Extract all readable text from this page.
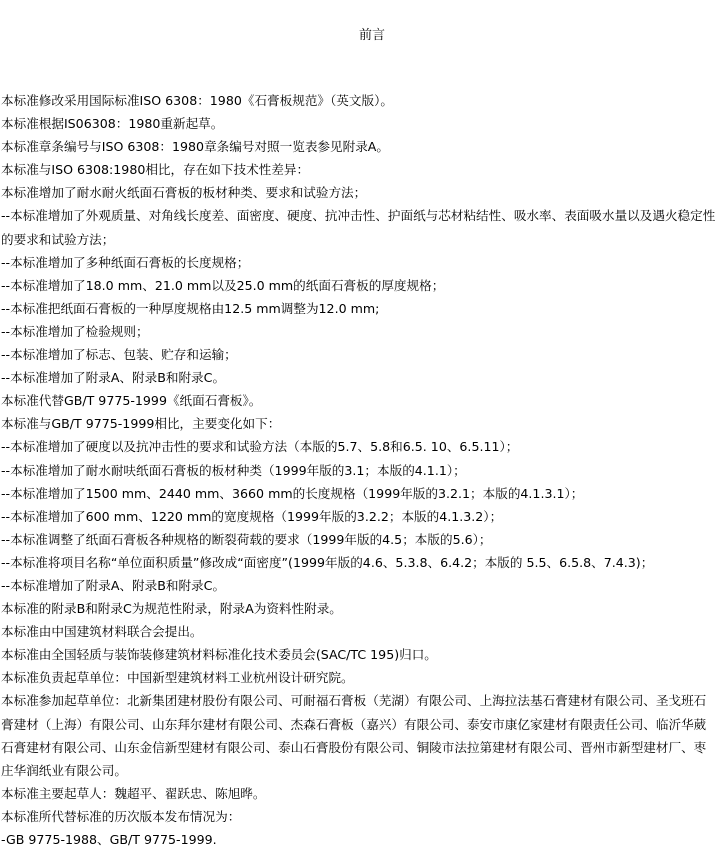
前言

本标准修改采用国际标准ISO 6308：1980《石膏板规范》（英文版）。

本标准根据IS06308：1980重新起草。

本标准章条编号与ISO 6308：1980章条编号对照一览表参见附录A。

本标准与ISO 6308:1980相比，存在如下技术性差异：

本标准增加了耐水耐火纸面石膏板的板材种类、要求和试验方法；

--本标准增加了外观质量、对角线长度差、面密度、硬度、抗冲击性、护面纸与芯材粘结性、吸水率、表面吸水量以及遇火稳定性的要求和试验方法；

--本标准增加了多种纸面石膏板的长度规格；

--本标准增加了18.0 mm、21.0 mm以及25.0 mm的纸面石膏板的厚度规格；

--本标准把纸面石膏板的一种厚度规格由12.5 mm调整为12.0 mm;

--本标准增加了检验规则；

--本标准增加了标志、包装、贮存和运输；

--本标准增加了附录A、附录B和附录C。

本标准代替GB/T 9775-1999《纸面石膏板》。

本标准与GB/T 9775-1999相比，主要变化如下：

--本标准增加了硬度以及抗冲击性的要求和试验方法（本版的5.7、5.8和6.5. 10、6.5.11）；

--本标准增加了耐水耐呋纸面石膏板的板材种类（1999年版的3.1；本版的4.1.1）；

--本标准增加了1500 mm、2440 mm、3660 mm的长度规格（1999年版的3.2.1；本版的4.1.3.1）；

--本标准增加了600 mm、1220 mm的宽度规格（1999年版的3.2.2；本版的4.1.3.2）；

--本标准调整了纸面石膏板各种规格的断裂荷载的要求（1999年版的4.5；本版的5.6）；

--本标准将项目名称“单位面积质量”修改成“面密度”(1999年版的4.6、5.3.8、6.4.2；本版的 5.5、6.5.8、7.4.3)；

--本标准增加了附录A、附录B和附录C。

本标准的附录B和附录C为规范性附录，附录A为资料性附录。

本标准由中国建筑材料联合会提出。

本标准由全国轻质与装饰装修建筑材料标准化技术委员会(SAC/TC 195)归口。

本标准负责起草单位：中国新型建筑材料工业杭州设计研究院。

本标准参加起草单位：北新集团建材股份有限公司、可耐福石膏板（芜湖）有限公司、上海拉法基石膏建材有限公司、圣戈班石膏建材（上海）有限公司、山东拜尔建材有限公司、杰森石膏板（嘉兴）有限公司、泰安市康亿家建材有限责任公司、临沂华葳石膏建材有限公司、山东金信新型建材有限公司、泰山石膏股份有限公司、铜陵市法拉第建材有限公司、晋州市新型建材厂、枣庄华润纸业有限公司。

本标准主要起草人：魏超平、翟跃忠、陈旭晔。

本标准所代替标准的历次版本发布情况为：

-GB 9775-1988、GB/T 9775-1999.
